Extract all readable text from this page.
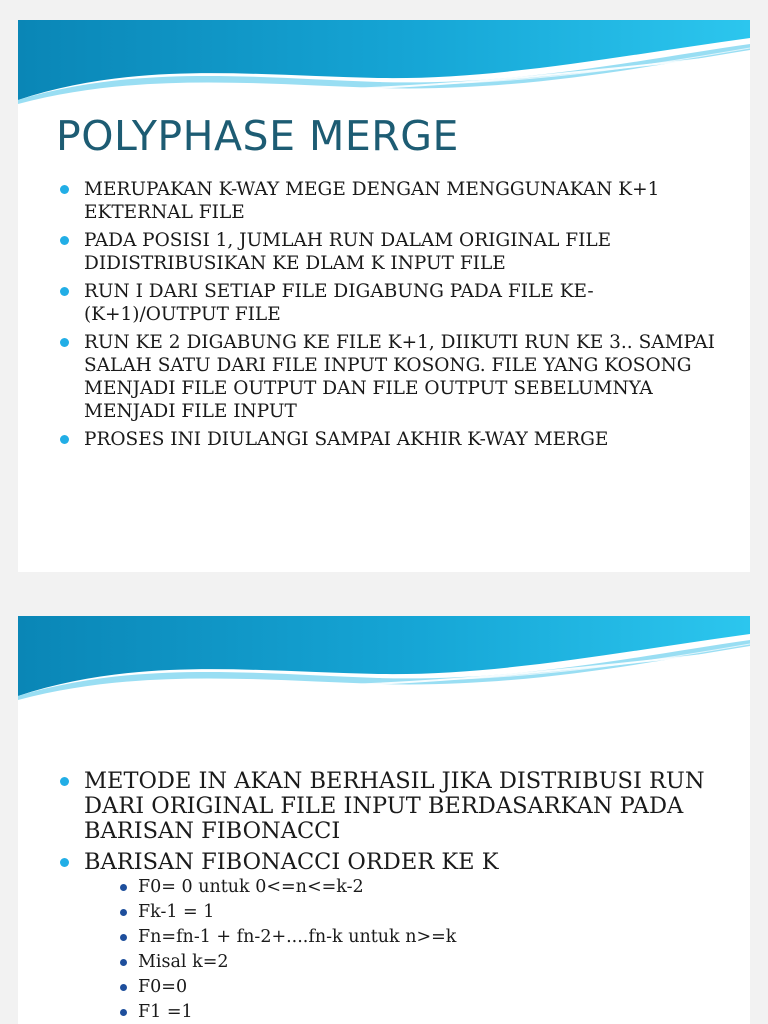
POLYPHASE MERGE
MERUPAKAN K-WAY MEGE DENGAN MENGGUNAKAN K+1 EKTERNAL FILE
PADA POSISI 1, JUMLAH RUN DALAM ORIGINAL FILE DIDISTRIBUSIKAN KE DLAM K INPUT FILE
RUN I DARI SETIAP FILE DIGABUNG PADA FILE KE-(K+1)/OUTPUT FILE
RUN KE 2 DIGABUNG KE FILE K+1, DIIKUTI RUN KE 3.. SAMPAI SALAH SATU DARI FILE INPUT KOSONG. FILE YANG KOSONG MENJADI FILE OUTPUT DAN FILE OUTPUT SEBELUMNYA MENJADI FILE INPUT
PROSES INI DIULANGI SAMPAI AKHIR K-WAY MERGE
METODE IN AKAN BERHASIL JIKA DISTRIBUSI RUN DARI ORIGINAL FILE INPUT BERDASARKAN PADA BARISAN FIBONACCI
BARISAN FIBONACCI ORDER KE K
F0= 0 untuk 0<=n<=k-2
Fk-1 = 1
Fn=fn-1 + fn-2+....fn-k untuk n>=k
Misal k=2
F0=0
F1 =1
